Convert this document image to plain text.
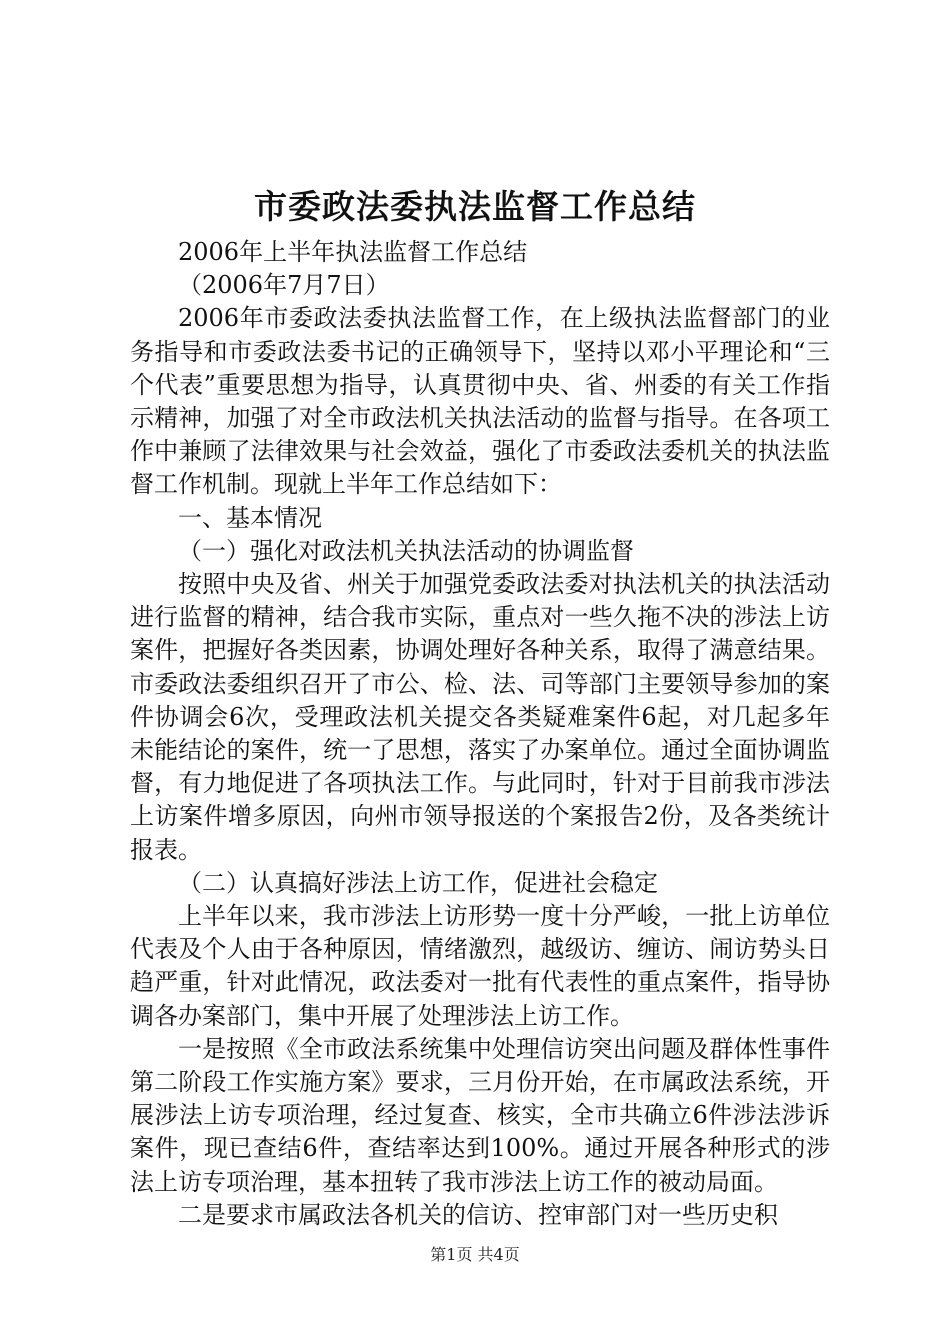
市委政法委执法监督工作总结

2006年上半年执法监督工作总结

（2006年7月7日）

2006年市委政法委执法监督工作，在上级执法监督部门的业务指导和市委政法委书记的正确领导下，坚持以邓小平理论和“三个代表”重要思想为指导，认真贯彻中央、省、州委的有关工作指示精神，加强了对全市政法机关执法活动的监督与指导。在各项工作中兼顾了法律效果与社会效益，强化了市委政法委机关的执法监督工作机制。现就上半年工作总结如下：

一、基本情况

（一）强化对政法机关执法活动的协调监督

按照中央及省、州关于加强党委政法委对执法机关的执法活动进行监督的精神，结合我市实际，重点对一些久拖不决的涉法上访案件，把握好各类因素，协调处理好各种关系，取得了满意结果。市委政法委组织召开了市公、检、法、司等部门主要领导参加的案件协调会6次，受理政法机关提交各类疑难案件6起，对几起多年未能结论的案件，统一了思想，落实了办案单位。通过全面协调监督，有力地促进了各项执法工作。与此同时，针对于目前我市涉法上访案件增多原因，向州市领导报送的个案报告2份，及各类统计报表。

（二）认真搞好涉法上访工作，促进社会稳定

上半年以来，我市涉法上访形势一度十分严峻，一批上访单位代表及个人由于各种原因，情绪激烈，越级访、缠访、闹访势头日趋严重，针对此情况，政法委对一批有代表性的重点案件，指导协调各办案部门，集中开展了处理涉法上访工作。

一是按照《全市政法系统集中处理信访突出问题及群体性事件第二阶段工作实施方案》要求，三月份开始，在市属政法系统，开展涉法上访专项治理，经过复查、核实，全市共确立6件涉法涉诉案件，现已查结6件，查结率达到100%。通过开展各种形式的涉法上访专项治理，基本扭转了我市涉法上访工作的被动局面。

二是要求市属政法各机关的信访、控审部门对一些历史积

第1页 共4页
